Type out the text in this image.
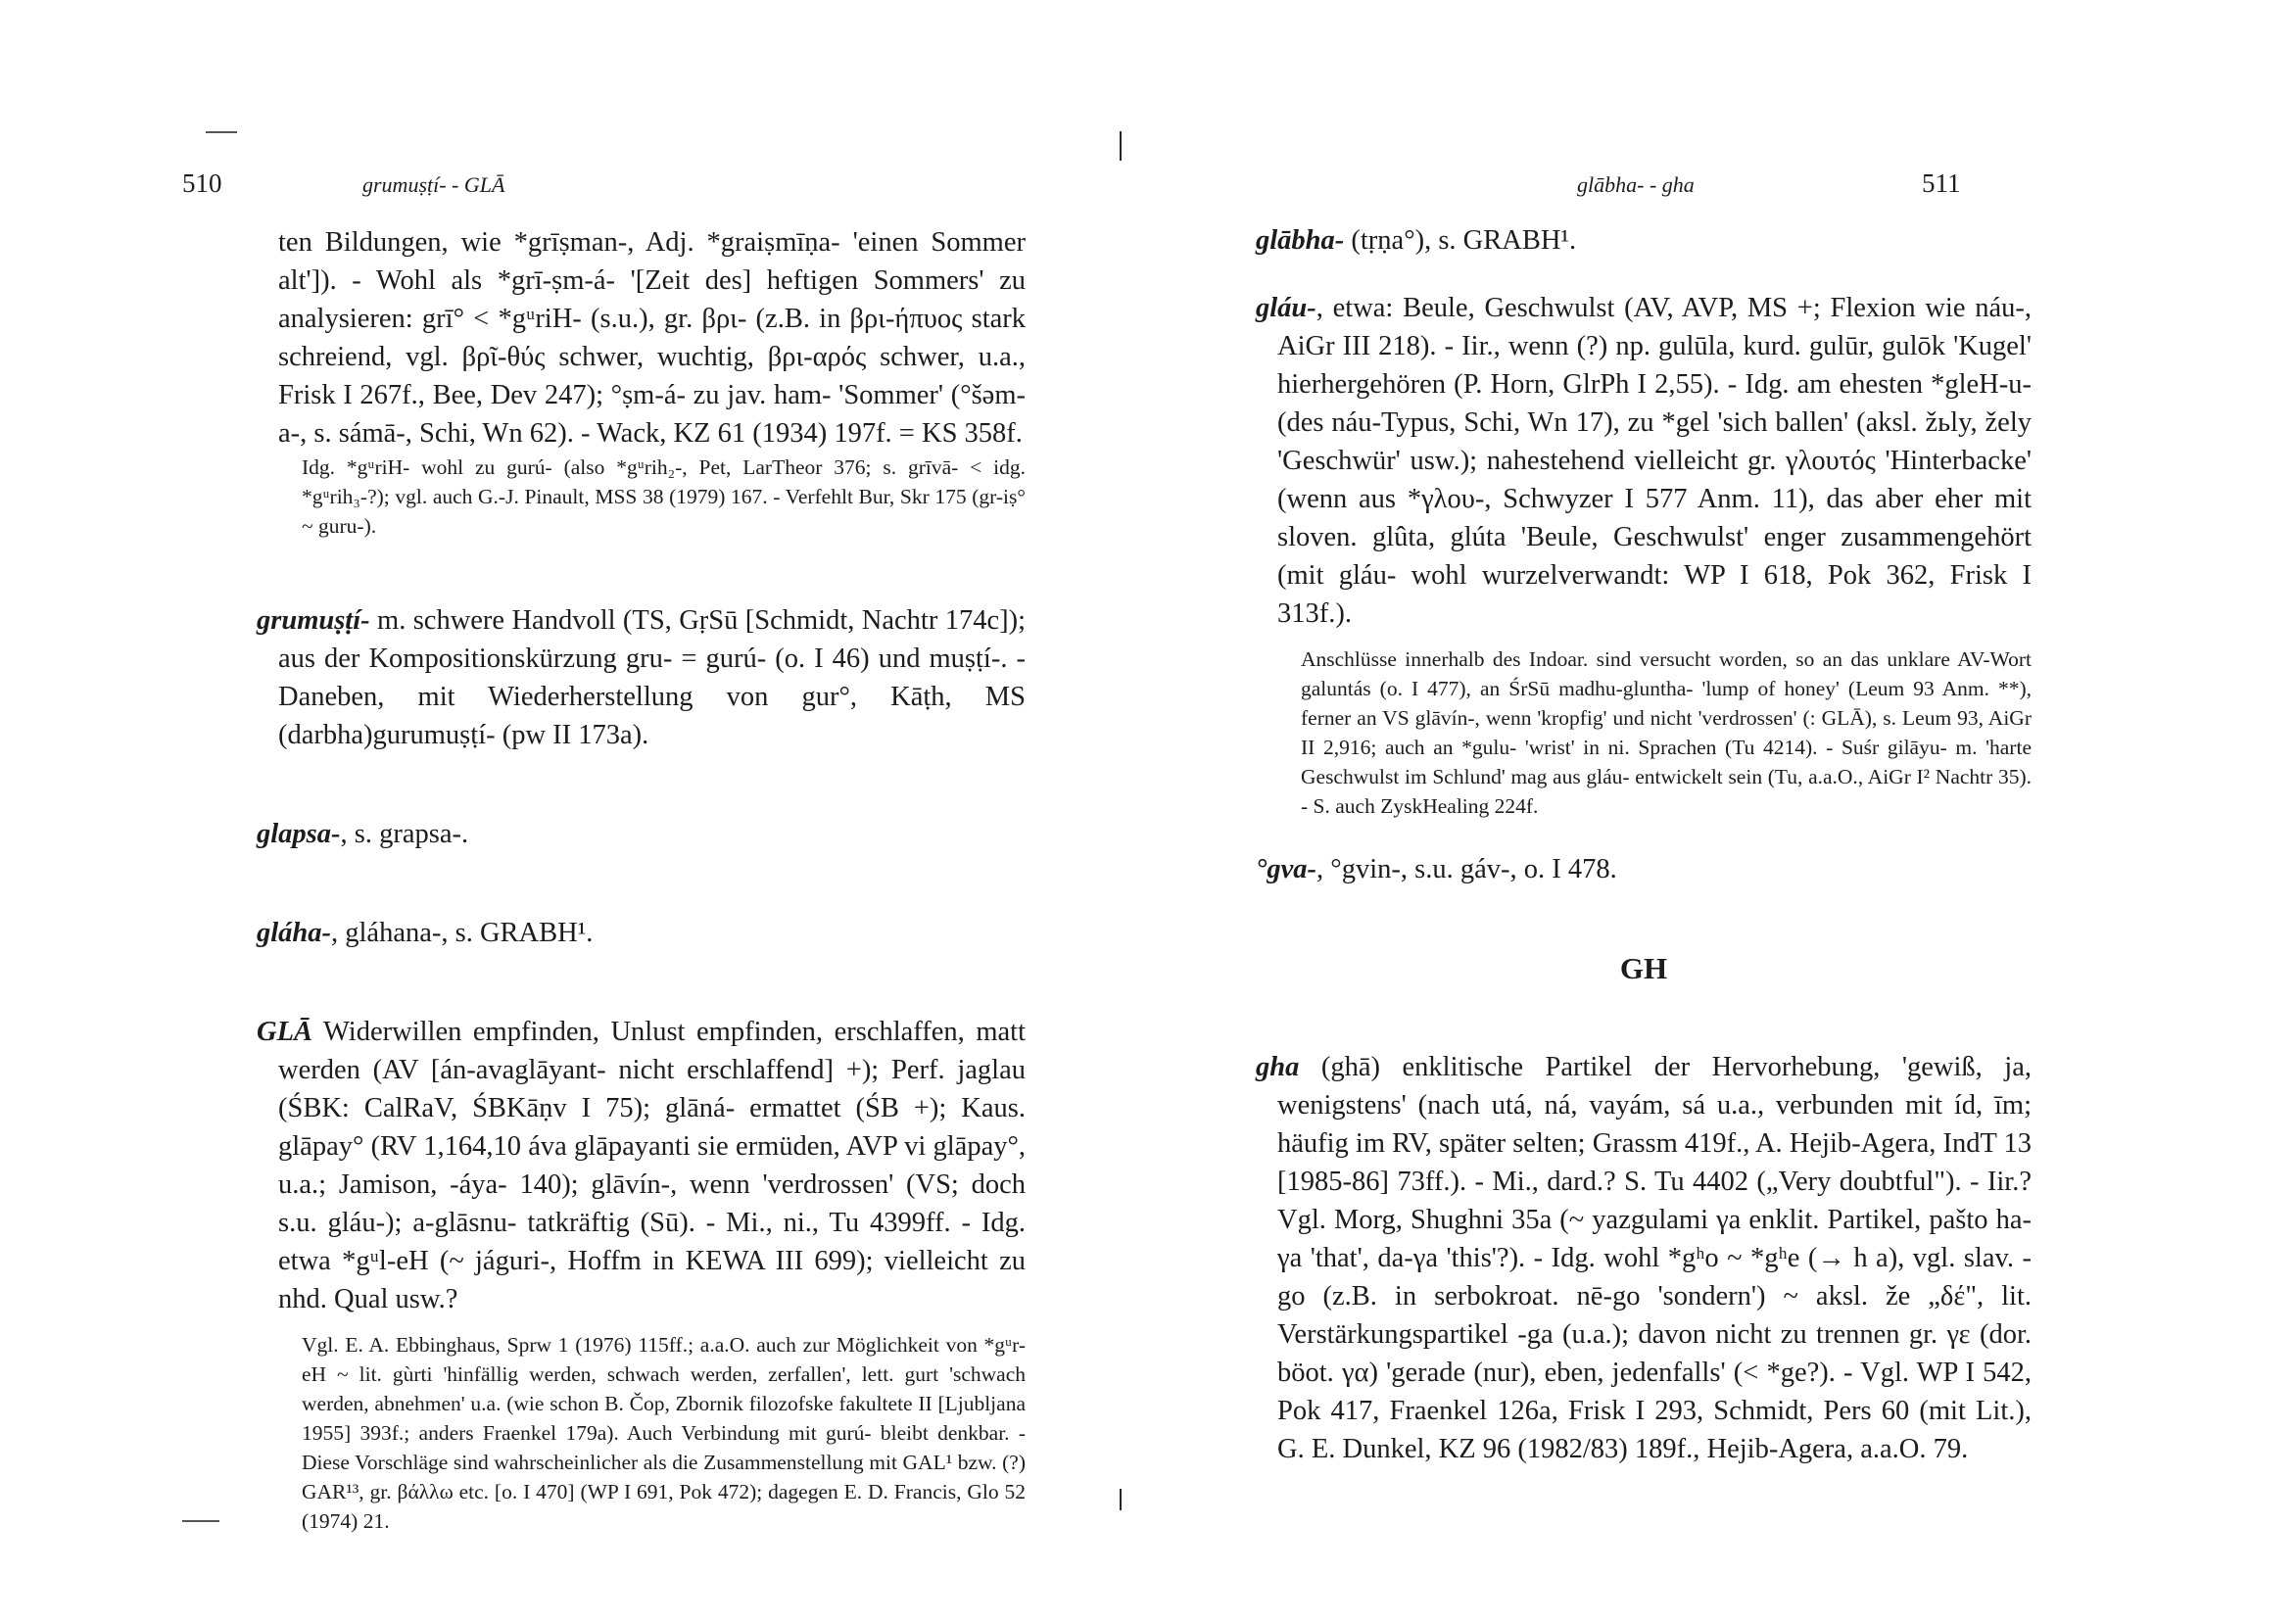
510	grumuṣṭí- - GLĀ

ten Bildungen, wie *grīṣman-, Adj. *graiṣmīṇa- 'einen Sommer alt']). - Wohl als *grī-ṣm-á- '[Zeit des] heftigen Sommers' zu analysieren: grī° < *gᵘriH- (s.u.), gr. βρι- (z.B. in βρι-ήπυος stark schreiend, vgl. βρῖ-θύς schwer, wuchtig, βρι-αρός schwer, u.a., Frisk I 267f., Bee, Dev 247); °ṣm-á- zu jav. ham- 'Sommer' (°šəm-a-, s. sámā-, Schi, Wn 62). - Wack, KZ 61 (1934) 197f. = KS 358f.

Idg. *gᵘriH- wohl zu gurú- (also *gᵘrih₂-, Pet, LarTheor 376; s. grīvā- < idg. *gᵘrih₃-?); vgl. auch G.-J. Pinault, MSS 38 (1979) 167. - Verfehlt Bur, Skr 175 (gr-iṣ° ~ guru-).

grumuṣṭí- m. schwere Handvoll (TS, GṛSū [Schmidt, Nachtr 174c]); aus der Kompositionskürzung gru- = gurú- (o. I 46) und muṣṭí-. - Daneben, mit Wiederherstellung von gur°, Kāṭh, MS (darbha)gurumuṣṭí- (pw II 173a).

glapsa-, s. grapsa-.

gláha-, gláhana-, s. GRABH¹.

GLĀ Widerwillen empfinden, Unlust empfinden, erschlaffen, matt werden (AV [án-avaglāyant- nicht erschlaffend] +); Perf. jaglau (ŚBK: CalRaV, ŚBKāṇv I 75); glāná- ermattet (ŚB +); Kaus. glāpay° (RV 1,164,10 áva glāpayanti sie ermüden, AVP vi glāpay°, u.a.; Jamison, -áya- 140); glāvín-, wenn 'verdrossen' (VS; doch s.u. gláu-); a-glāsnu- tatkräftig (Sū). - Mi., ni., Tu 4399ff. - Idg. etwa *gᵘl-eH (~ jáguri-, Hoffm in KEWA III 699); vielleicht zu nhd. Qual usw.?

Vgl. E. A. Ebbinghaus, Sprw 1 (1976) 115ff.; a.a.O. auch zur Möglichkeit von *gᵘr-eH ~ lit. gùrti 'hinfällig werden, schwach werden, zerfallen', lett. gurt 'schwach werden, abnehmen' u.a. (wie schon B. Čop, Zbornik filozofske fakultete II [Ljubljana 1955] 393f.; anders Fraenkel 179a). Auch Verbindung mit gurú- bleibt denkbar. - Diese Vorschläge sind wahrscheinlicher als die Zusammenstellung mit GAL¹ bzw. (?) GAR¹³, gr. βάλλω etc. [o. I 470] (WP I 691, Pok 472); dagegen E. D. Francis, Glo 52 (1974) 21.

511
glābha- - gha

glābha- (tṛṇa°), s. GRABH¹.

gláu-, etwa: Beule, Geschwulst (AV, AVP, MS +; Flexion wie náu-, AiGr III 218). - Iir., wenn (?) np. gulūla, kurd. gulūr, gulōk 'Kugel' hierhergehören (P. Horn, GlrPh I 2,55). - Idg. am ehesten *gleH-u- (des náu-Typus, Schi, Wn 17), zu *gel 'sich ballen' (aksl. žьly, žely 'Geschwür' usw.); nahestehend vielleicht gr. γλουτός 'Hinterbacke' (wenn aus *γλου-, Schwyzer I 577 Anm. 11), das aber eher mit sloven. glûta, glúta 'Beule, Geschwulst' enger zusammengehört (mit gláu- wohl wurzelverwandt: WP I 618, Pok 362, Frisk I 313f.).

Anschlüsse innerhalb des Indoar. sind versucht worden, so an das unklare AV-Wort galuntás (o. I 477), an ŚrSū madhu-gluntha- 'lump of honey' (Leum 93 Anm. **), ferner an VS glāvín-, wenn 'kropfig' und nicht 'verdrossen' (: GLĀ), s. Leum 93, AiGr II 2,916; auch an *gulu- 'wrist' in ni. Sprachen (Tu 4214). - Suśr gilāyu- m. 'harte Geschwulst im Schlund' mag aus gláu- entwickelt sein (Tu, a.a.O., AiGr I² Nachtr 35). - S. auch ZyskHealing 224f.

°gva-, °gvin-, s.u. gáv-, o. I 478.

GH

gha (ghā) enklitische Partikel der Hervorhebung, 'gewiß, ja, wenigstens' (nach utá, ná, vayám, sá u.a., verbunden mit íd, īm; häufig im RV, später selten; Grassm 419f., A. Hejib-Agera, IndT 13 [1985-86] 73ff.). - Mi., dard.? S. Tu 4402 („Very doubtful"). - Iir.? Vgl. Morg, Shughni 35a (~ yazgulami γa enklit. Partikel, pašto ha-γa 'that', da-γa 'this'?). - Idg. wohl *gʰo ~ *gʰe (→ h a), vgl. slav. -go (z.B. in serbokroat. nē-go 'sondern') ~ aksl. že „δέ", lit. Verstärkungspartikel -ga (u.a.); davon nicht zu trennen gr. γε (dor. böot. γα) 'gerade (nur), eben, jedenfalls' (< *ge?). - Vgl. WP I 542, Pok 417, Fraenkel 126a, Frisk I 293, Schmidt, Pers 60 (mit Lit.), G. E. Dunkel, KZ 96 (1982/83) 189f., Hejib-Agera, a.a.O. 79.
